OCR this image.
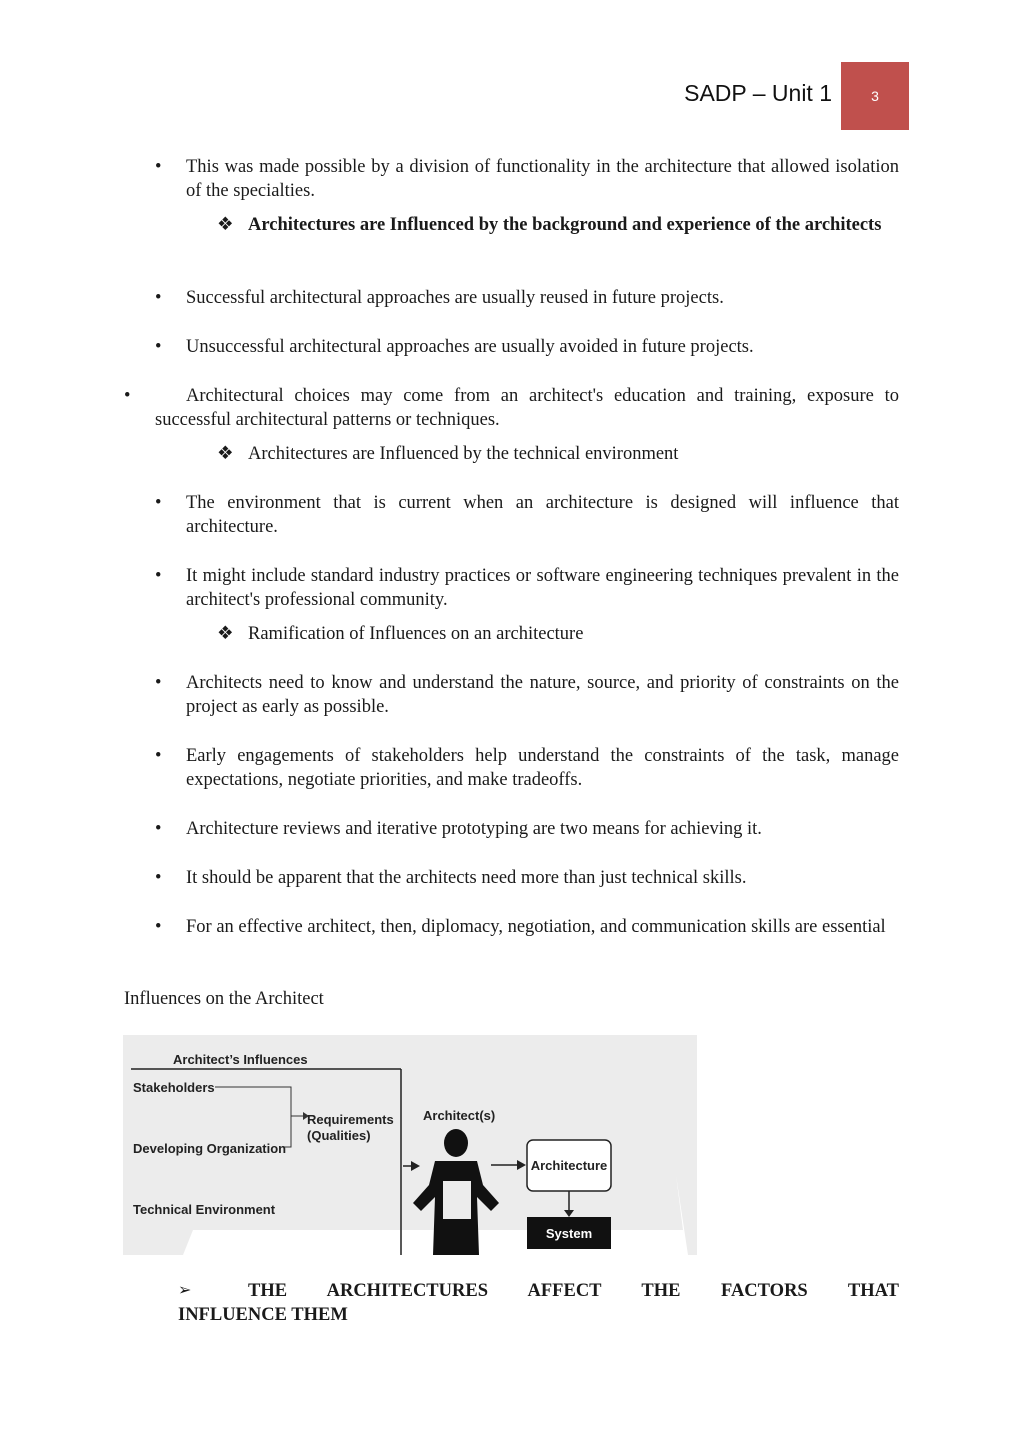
SADP – Unit 1	3
•	This was made possible by a division of functionality in the architecture that allowed isolation of the specialties.
❖ Architectures are Influenced by the background and experience of the architects
•	Successful architectural approaches are usually reused in future projects.
•	Unsuccessful architectural approaches are usually avoided in future projects.
•	Architectural choices may come from an architect's education and training, exposure to successful architectural patterns or techniques.
❖ Architectures are Influenced by the technical environment
•	The environment that is current when an architecture is designed will influence that architecture.
•	It might include standard industry practices or software engineering techniques prevalent in the architect's professional community.
❖ Ramification of Influences on an architecture
•	Architects need to know and understand the nature, source, and priority of constraints on the project as early as possible.
•	Early engagements of stakeholders help understand the constraints of the task, manage expectations, negotiate priorities, and make tradeoffs.
•	Architecture reviews and iterative prototyping are two means for achieving it.
•	It should be apparent that the architects need more than just technical skills.
•	For an effective architect, then, diplomacy, negotiation, and communication skills are essential
Influences on the Architect
Architect’s Influences
Stakeholders
Developing Organization
Technical Environment
Requirements
(Qualities)
Architect(s)
Architecture
System
➢	THE ARCHITECTURES AFFECT THE FACTORS THAT
INFLUENCE THEM
